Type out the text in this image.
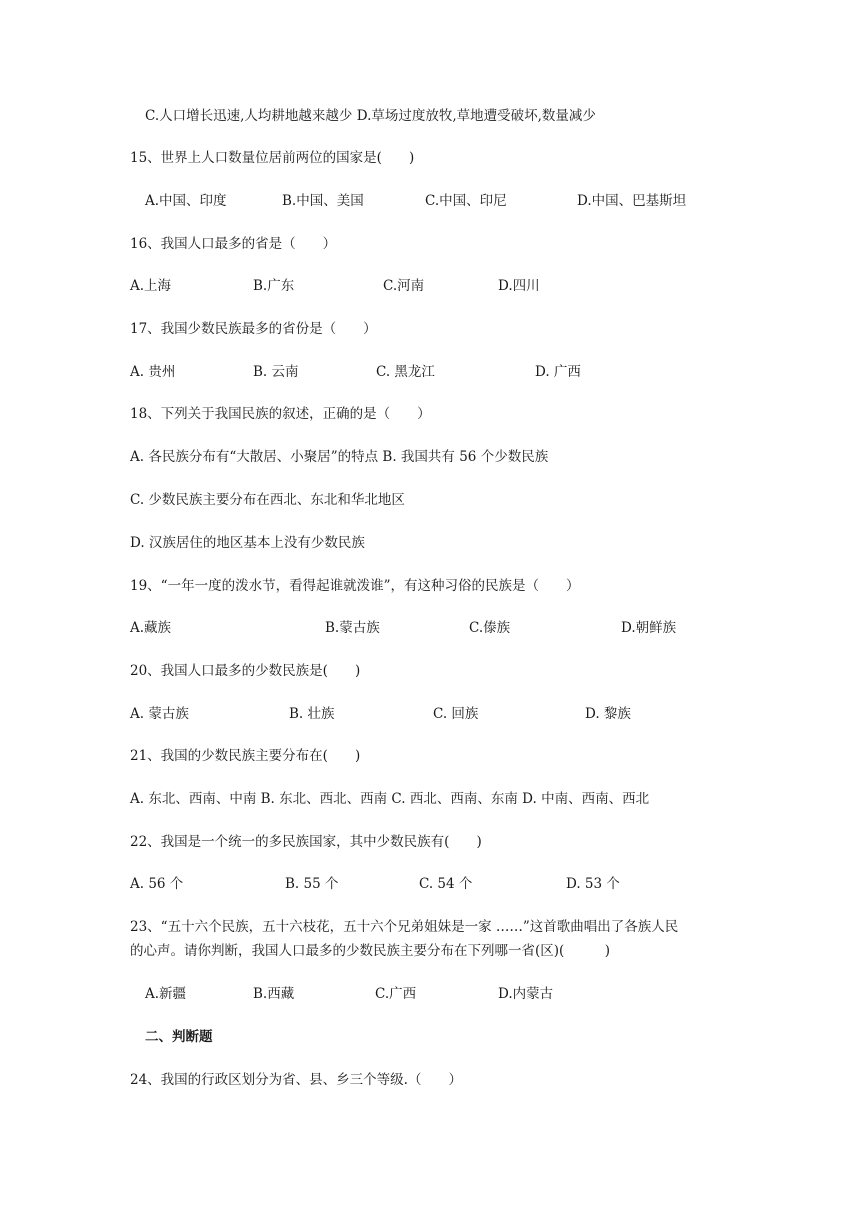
C.人口增长迅速,人均耕地越来越少 D.草场过度放牧,草地遭受破坏,数量减少
15、世界上人口数量位居前两位的国家是(　　)
A.中国、印度	B.中国、美国	C.中国、印尼	D.中国、巴基斯坦
16、我国人口最多的省是（　　）
A.上海	B.广东	C.河南	D.四川
17、我国少数民族最多的省份是（　　）
A. 贵州	B. 云南	C. 黑龙江	D. 广西
18、下列关于我国民族的叙述，正确的是（　　）
A. 各民族分布有“大散居、小聚居”的特点 B. 我国共有 56 个少数民族
C. 少数民族主要分布在西北、东北和华北地区
D. 汉族居住的地区基本上没有少数民族
19、“一年一度的泼水节，看得起谁就泼谁”，有这种习俗的民族是（　　）
A.藏族	B.蒙古族	C.傣族	D.朝鲜族
20、我国人口最多的少数民族是(　　)
A. 蒙古族	B. 壮族	C. 回族	D. 黎族
21、我国的少数民族主要分布在(　　)
A. 东北、西南、中南 B. 东北、西北、西南 C. 西北、西南、东南 D. 中南、西南、西北
22、我国是一个统一的多民族国家，其中少数民族有(　　)
A. 56 个	B. 55 个	C. 54 个	D. 53 个
23、“五十六个民族，五十六枝花，五十六个兄弟姐妹是一家 ……”这首歌曲唱出了各族人民
的心声。请你判断，我国人口最多的少数民族主要分布在下列哪一省(区)(　　　)
A.新疆	B.西藏	C.广西	D.内蒙古
二、判断题
24、我国的行政区划分为省、县、乡三个等级.（　　）
